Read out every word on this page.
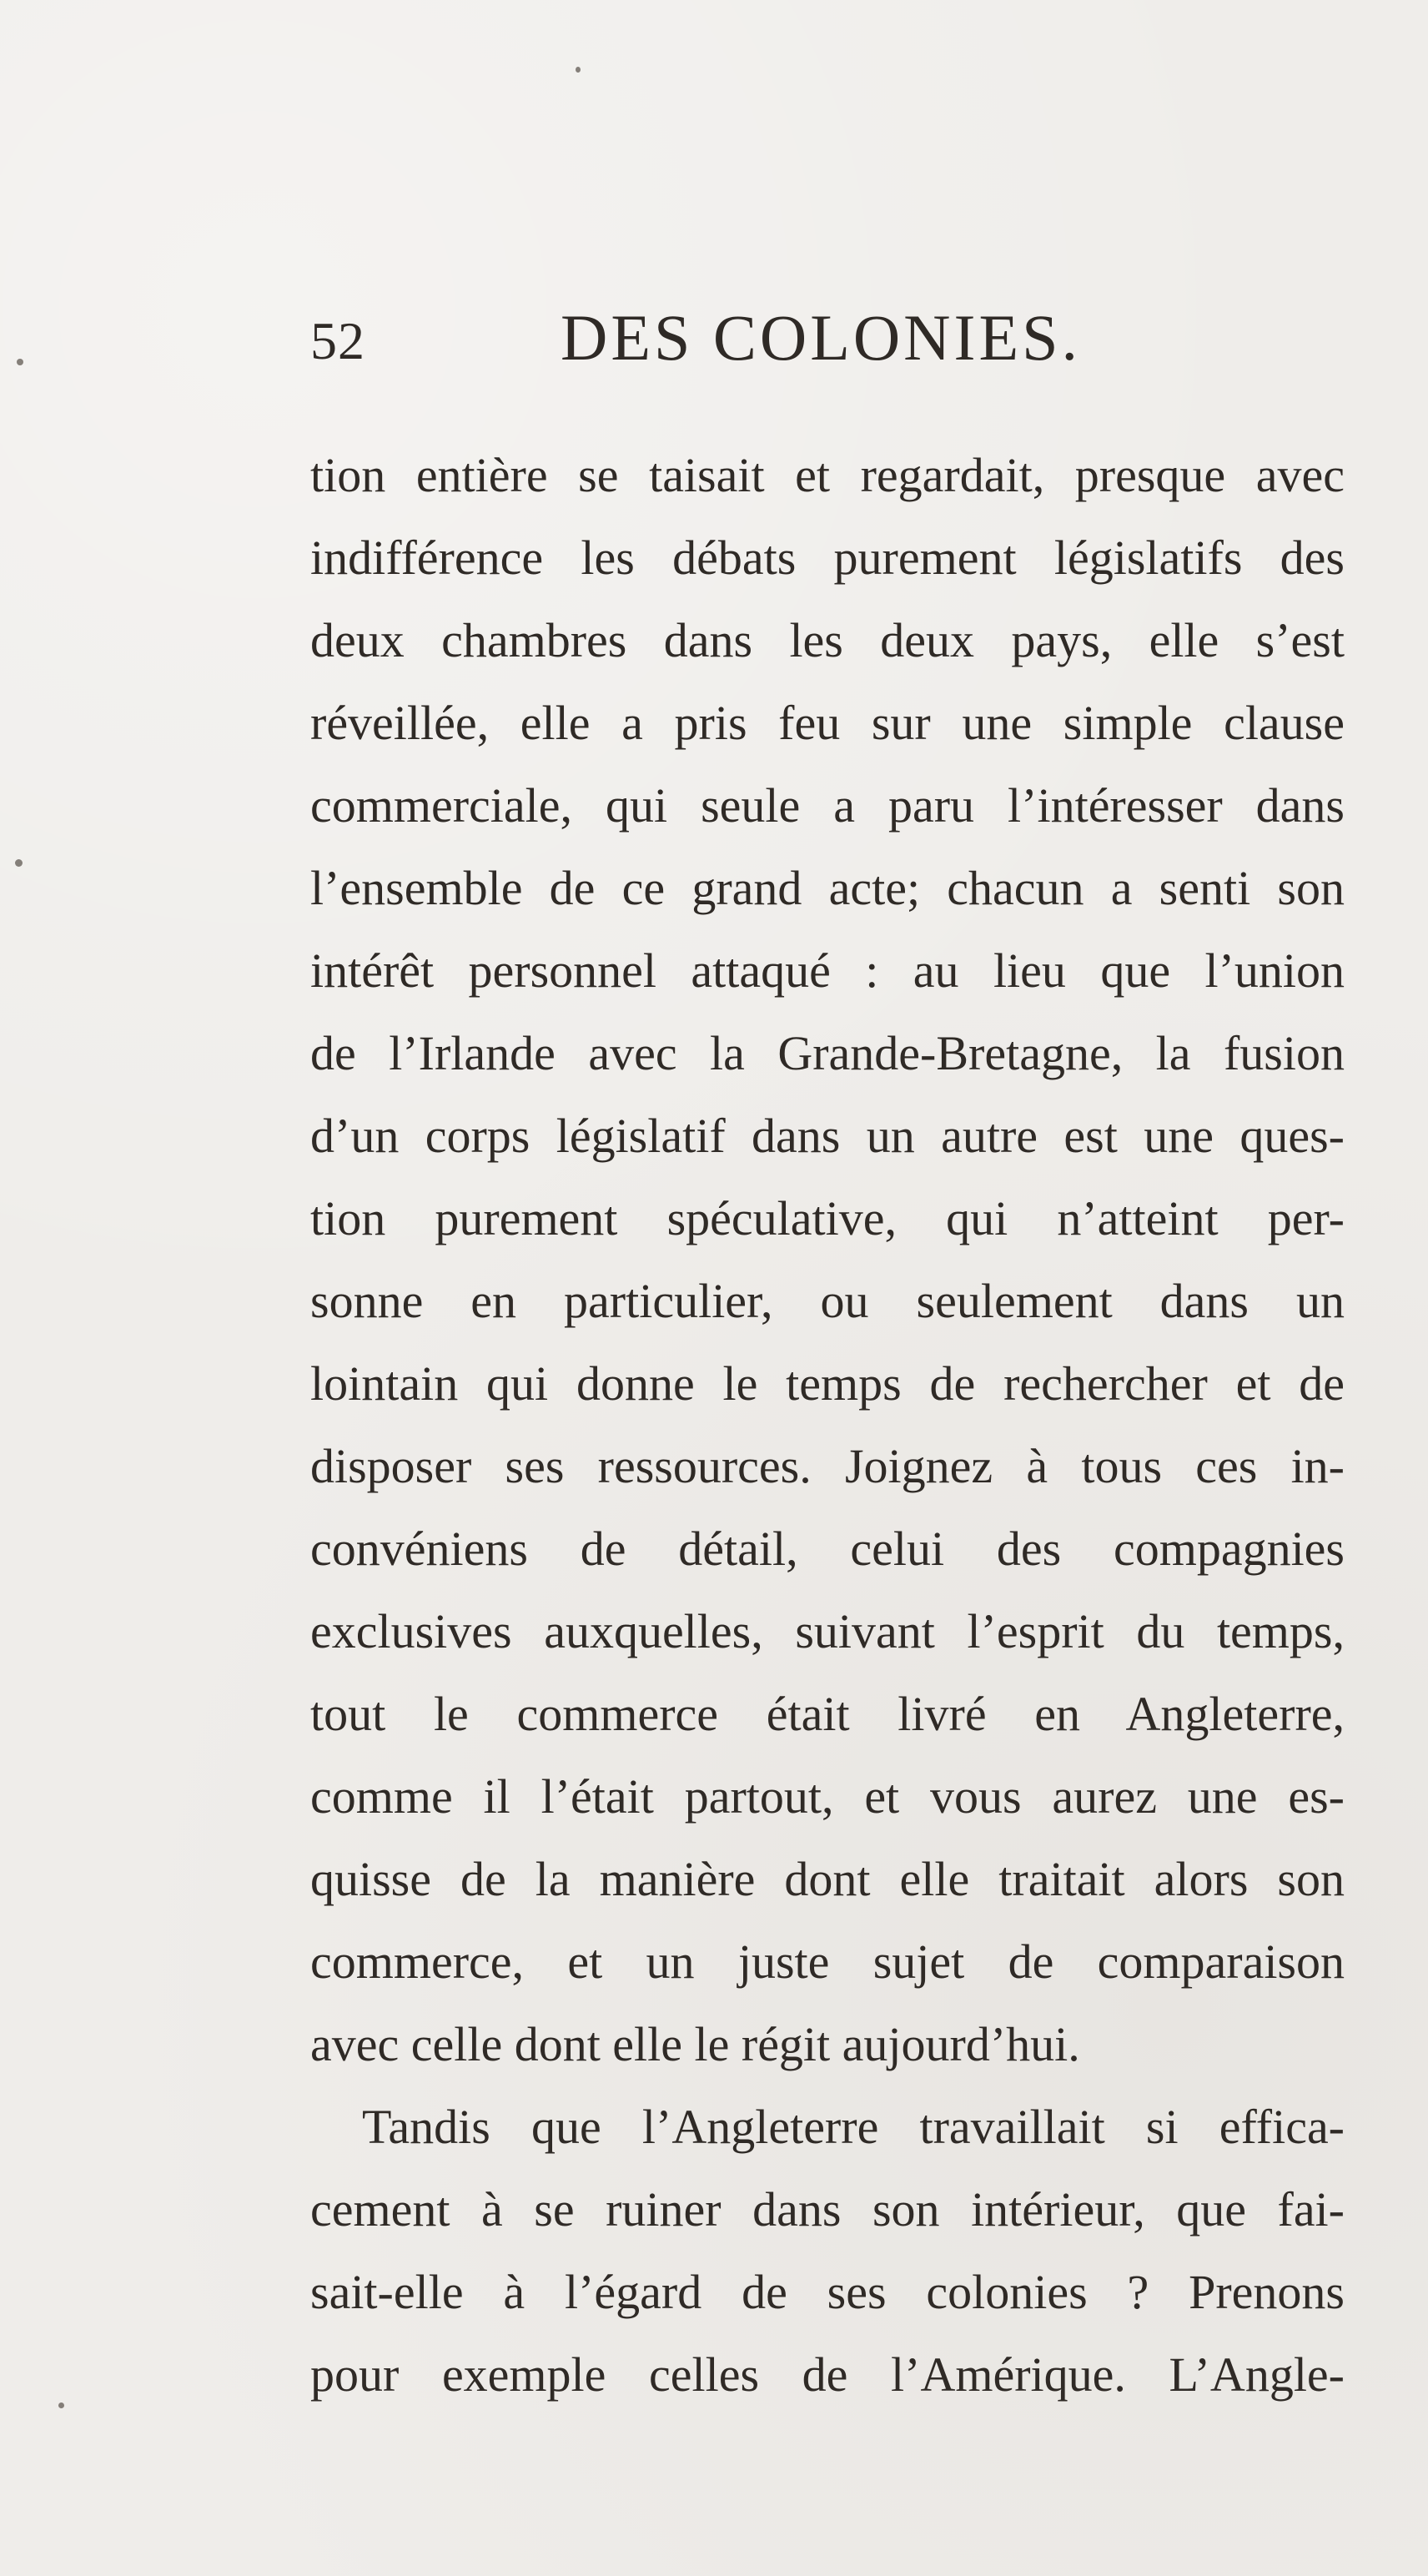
52	DES COLONIES.
tion entière se taisait et regardait, presque avec
indifférence les débats purement législatifs des
deux chambres dans les deux pays, elle s’est
réveillée, elle a pris feu sur une simple clause
commerciale, qui seule a paru l’intéresser dans
l’ensemble de ce grand acte; chacun a senti son
intérêt personnel attaqué : au lieu que l’union
de l’Irlande avec la Grande-Bretagne, la fusion
d’un corps législatif dans un autre est une ques-
tion purement spéculative, qui n’atteint per-
sonne en particulier, ou seulement dans un
lointain qui donne le temps de rechercher et de
disposer ses ressources. Joignez à tous ces in-
convéniens de détail, celui des compagnies
exclusives auxquelles, suivant l’esprit du temps,
tout le commerce était livré en Angleterre,
comme il l’était partout, et vous aurez une es-
quisse de la manière dont elle traitait alors son
commerce, et un juste sujet de comparaison
avec celle dont elle le régit aujourd’hui.
Tandis que l’Angleterre travaillait si effica-
cement à se ruiner dans son intérieur, que fai-
sait-elle à l’égard de ses colonies ? Prenons
pour exemple celles de l’Amérique. L’Angle-
